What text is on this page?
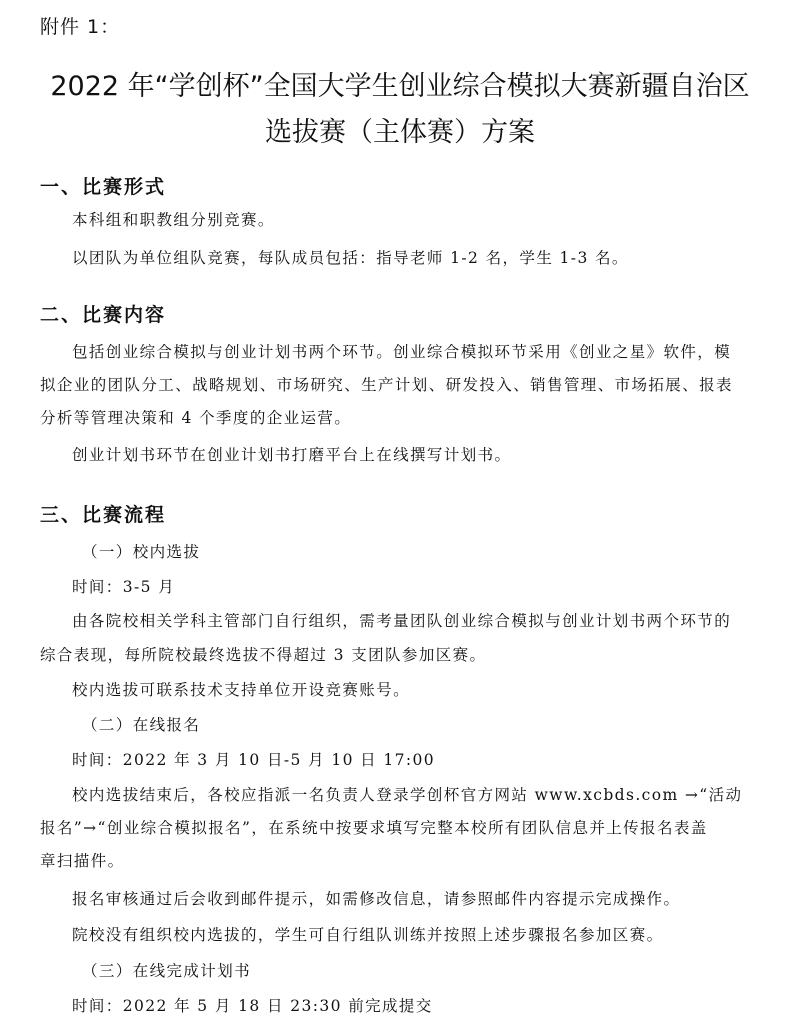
附件 1：
2022 年“学创杯”全国大学生创业综合模拟大赛新疆自治区
选拔赛（主体赛）方案
一、比赛形式
本科组和职教组分别竞赛。
以团队为单位组队竞赛，每队成员包括：指导老师 1-2 名，学生 1-3 名。
二、比赛内容
包括创业综合模拟与创业计划书两个环节。创业综合模拟环节采用《创业之星》软件，模
拟企业的团队分工、战略规划、市场研究、生产计划、研发投入、销售管理、市场拓展、报表
分析等管理决策和 4 个季度的企业运营。
创业计划书环节在创业计划书打磨平台上在线撰写计划书。
三、比赛流程
（一）校内选拔
时间：3-5 月
由各院校相关学科主管部门自行组织，需考量团队创业综合模拟与创业计划书两个环节的
综合表现，每所院校最终选拔不得超过 3 支团队参加区赛。
校内选拔可联系技术支持单位开设竞赛账号。
（二）在线报名
时间：2022 年 3 月 10 日-5 月 10 日 17:00
校内选拔结束后，各校应指派一名负责人登录学创杯官方网站 www.xcbds.com →“活动
报名”→“创业综合模拟报名”，在系统中按要求填写完整本校所有团队信息并上传报名表盖
章扫描件。
报名审核通过后会收到邮件提示，如需修改信息，请参照邮件内容提示完成操作。
院校没有组织校内选拔的，学生可自行组队训练并按照上述步骤报名参加区赛。
（三）在线完成计划书
时间：2022 年 5 月 18 日 23:30 前完成提交
